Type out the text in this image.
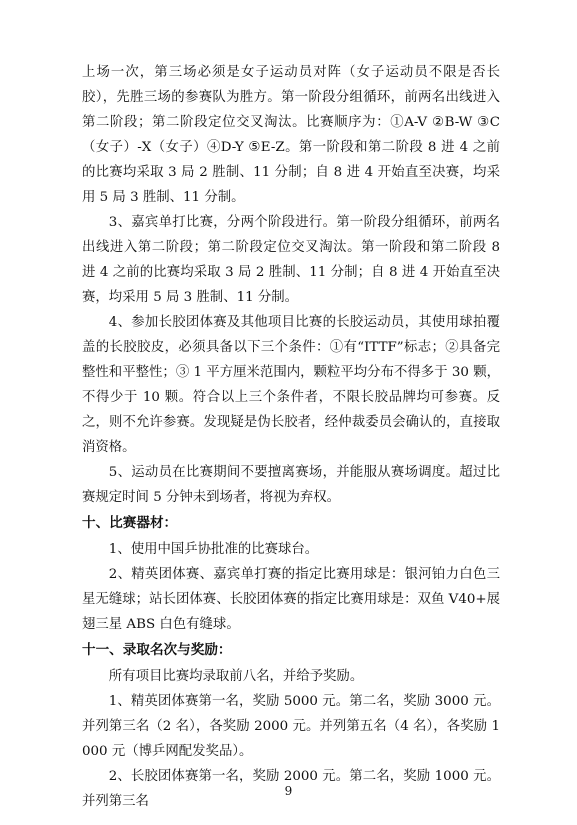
上场一次，第三场必须是女子运动员对阵（女子运动员不限是否长胶），先胜三场的参赛队为胜方。第一阶段分组循环，前两名出线进入第二阶段；第二阶段定位交叉淘汰。比赛顺序为：①A-V ②B-W ③C（女子）-X（女子）④D-Y ⑤E-Z。第一阶段和第二阶段 8 进 4 之前的比赛均采取 3 局 2 胜制、11 分制；自 8 进 4 开始直至决赛，均采用 5 局 3 胜制、11 分制。

3、嘉宾单打比赛，分两个阶段进行。第一阶段分组循环，前两名出线进入第二阶段；第二阶段定位交叉淘汰。第一阶段和第二阶段 8 进 4 之前的比赛均采取 3 局 2 胜制、11 分制；自 8 进 4 开始直至决赛，均采用 5 局 3 胜制、11 分制。

4、参加长胶团体赛及其他项目比赛的长胶运动员，其使用球拍覆盖的长胶胶皮，必须具备以下三个条件：①有“ITTF”标志；②具备完整性和平整性；③ 1 平方厘米范围内，颗粒平均分布不得多于 30 颗，不得少于 10 颗。符合以上三个条件者，不限长胶品牌均可参赛。反之，则不允许参赛。发现疑是伪长胶者，经仲裁委员会确认的，直接取消资格。

5、运动员在比赛期间不要擅离赛场，并能服从赛场调度。超过比赛规定时间 5 分钟未到场者，将视为弃权。

十、比赛器材：

1、使用中国乒协批准的比赛球台。

2、精英团体赛、嘉宾单打赛的指定比赛用球是：银河铂力白色三星无缝球；站长团体赛、长胶团体赛的指定比赛用球是：双鱼 V40+展翅三星 ABS 白色有缝球。

十一、录取名次与奖励：

所有项目比赛均录取前八名，并给予奖励。

1、精英团体赛第一名，奖励 5000 元。第二名，奖励 3000 元。并列第三名（2 名），各奖励 2000 元。并列第五名（4 名），各奖励 1000 元（博乒网配发奖品）。

2、长胶团体赛第一名，奖励 2000 元。第二名，奖励 1000 元。并列第三名

9
